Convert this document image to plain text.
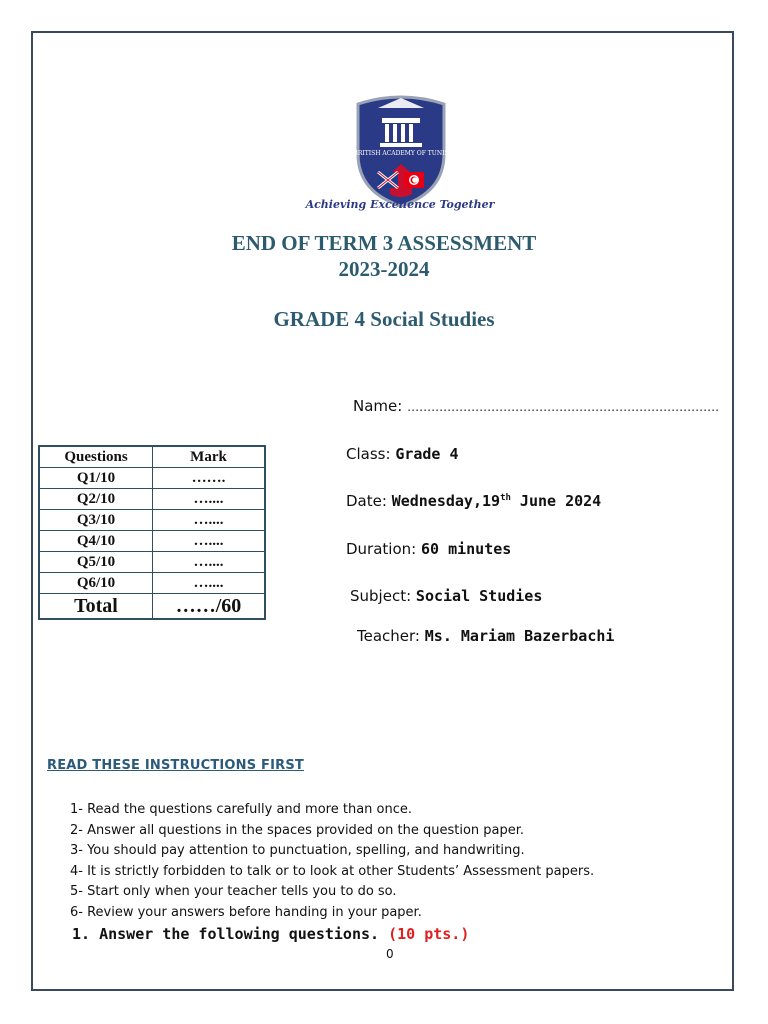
BRITISH ACADEMY OF TUNIS
Achieving Excellence Together
END OF TERM 3 ASSESSMENT
2023-2024
GRADE 4 Social Studies
Name: ……………………………………………………………………
Class: Grade 4
Date: Wednesday,19th June 2024
Duration: 60 minutes
Subject: Social Studies
Teacher: Ms. Mariam Bazerbachi
Questions	Mark
Q1/10	…….
Q2/10	…....
Q3/10	…....
Q4/10	…....
Q5/10	…....
Q6/10	…....
Total	……/60
READ THESE INSTRUCTIONS FIRST
1- Read the questions carefully and more than once.
2- Answer all questions in the spaces provided on the question paper.
3- You should pay attention to punctuation, spelling, and handwriting.
4- It is strictly forbidden to talk or to look at other Students’ Assessment papers.
5- Start only when your teacher tells you to do so.
6- Review your answers before handing in your paper.
1. Answer the following questions. (10 pts.)
0
